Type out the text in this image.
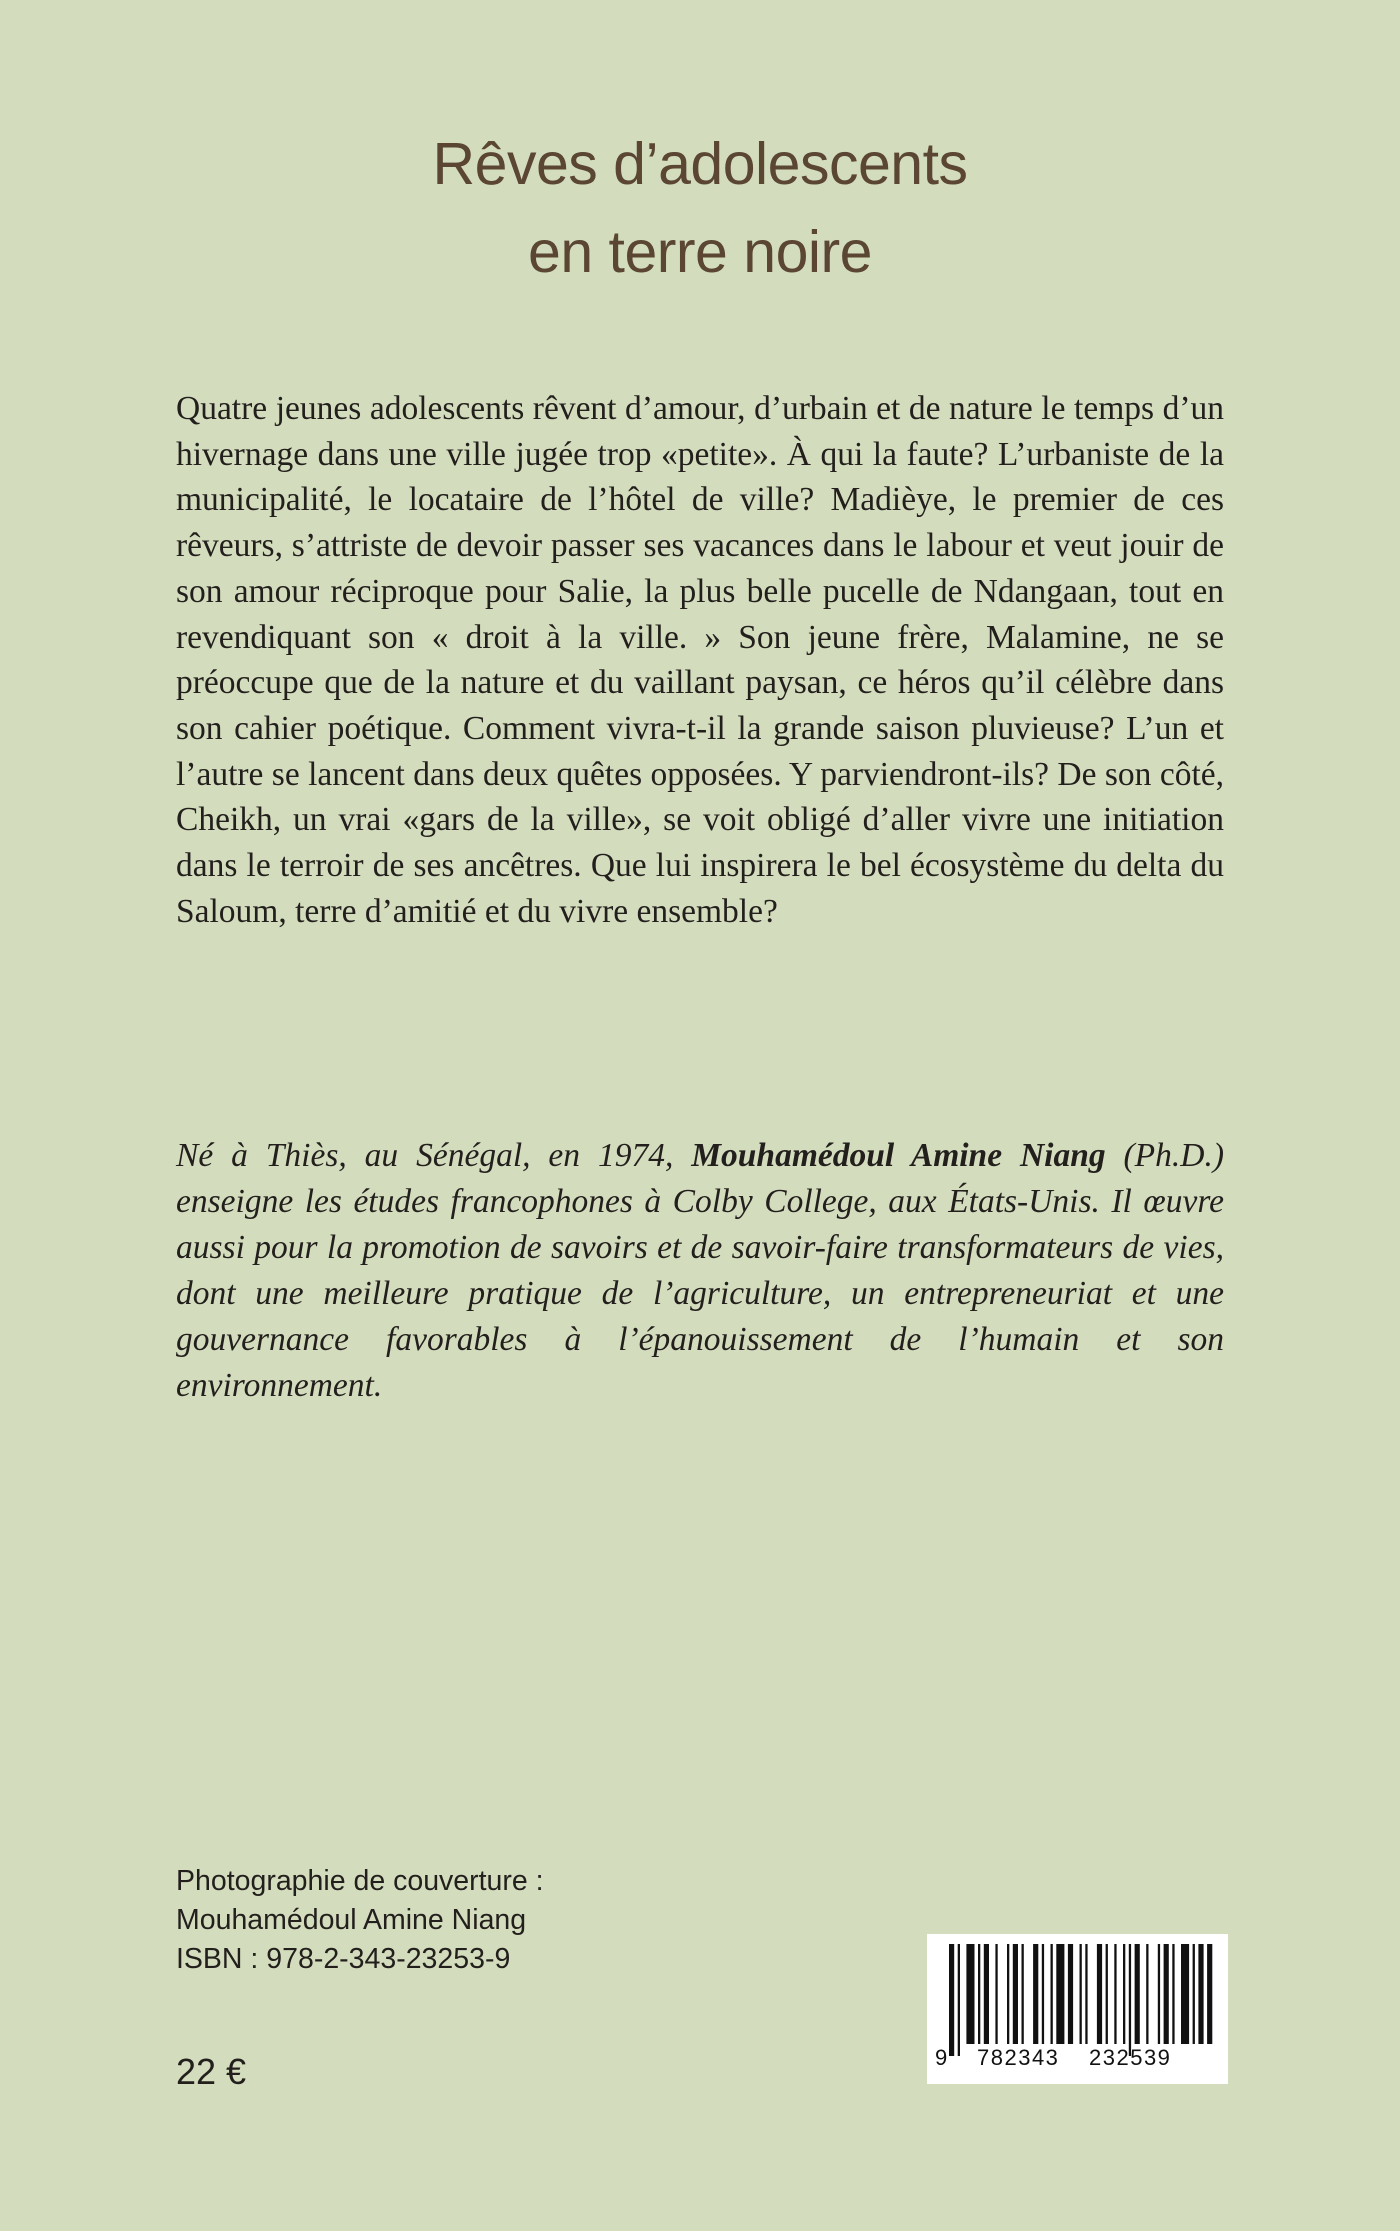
Rêves d’adolescents
en terre noire

Quatre jeunes adolescents rêvent d’amour, d’urbain et de nature le temps d’un hivernage dans une ville jugée trop «petite». À qui la faute? L’urbaniste de la municipalité, le locataire de l’hôtel de ville? Madièye, le premier de ces rêveurs, s’attriste de devoir passer ses vacances dans le labour et veut jouir de son amour réciproque pour Salie, la plus belle pucelle de Ndangaan, tout en revendiquant son « droit à la ville. » Son jeune frère, Malamine, ne se préoccupe que de la nature et du vaillant paysan, ce héros qu’il célèbre dans son cahier poétique. Comment vivra-t-il la grande saison pluvieuse? L’un et l’autre se lancent dans deux quêtes opposées. Y parviendront-ils? De son côté, Cheikh, un vrai «gars de la ville», se voit obligé d’aller vivre une initiation dans le terroir de ses ancêtres. Que lui inspirera le bel écosystème du delta du Saloum, terre d’amitié et du vivre ensemble?

Né à Thiès, au Sénégal, en 1974, Mouhamédoul Amine Niang (Ph.D.) enseigne les études francophones à Colby College, aux États-Unis. Il œuvre aussi pour la promotion de savoirs et de savoir-faire transformateurs de vies, dont une meilleure pratique de l’agriculture, un entrepreneuriat et une gouvernance favorables à l’épanouissement de l’humain et son environnement.

Photographie de couverture :
Mouhamédoul Amine Niang
ISBN : 978-2-343-23253-9
22 €	9 782343 232539
